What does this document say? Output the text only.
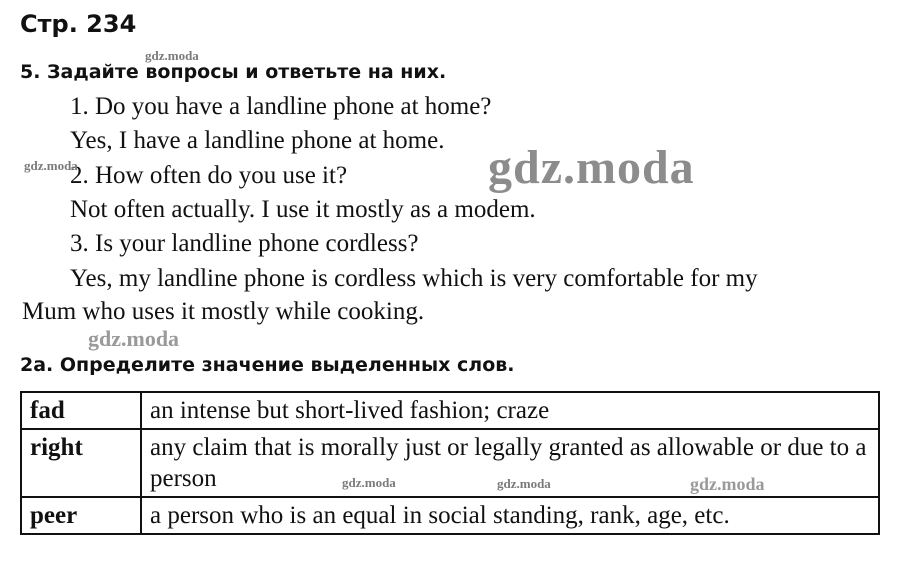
Стр. 234
5. Задайте вопросы и ответьте на них.

1. Do you have a landline phone at home?

Yes, I have a landline phone at home.

2. How often do you use it?

Not often actually. I use it mostly as a modem.

3. Is your landline phone cordless?

Yes, my landline phone is cordless which is very comfortable for my

Mum who uses it mostly while cooking.

2а. Определите значение выделенных слов.
fad	an intense but short-lived fashion; craze
right	any claim that is morally just or legally granted as allowable or due to a person
peer	a person who is an equal in social standing, rank, age, etc.
gdz.moda
gdz.moda	gdz.moda
gdz.moda
gdz.moda	gdz.moda	gdz.moda
